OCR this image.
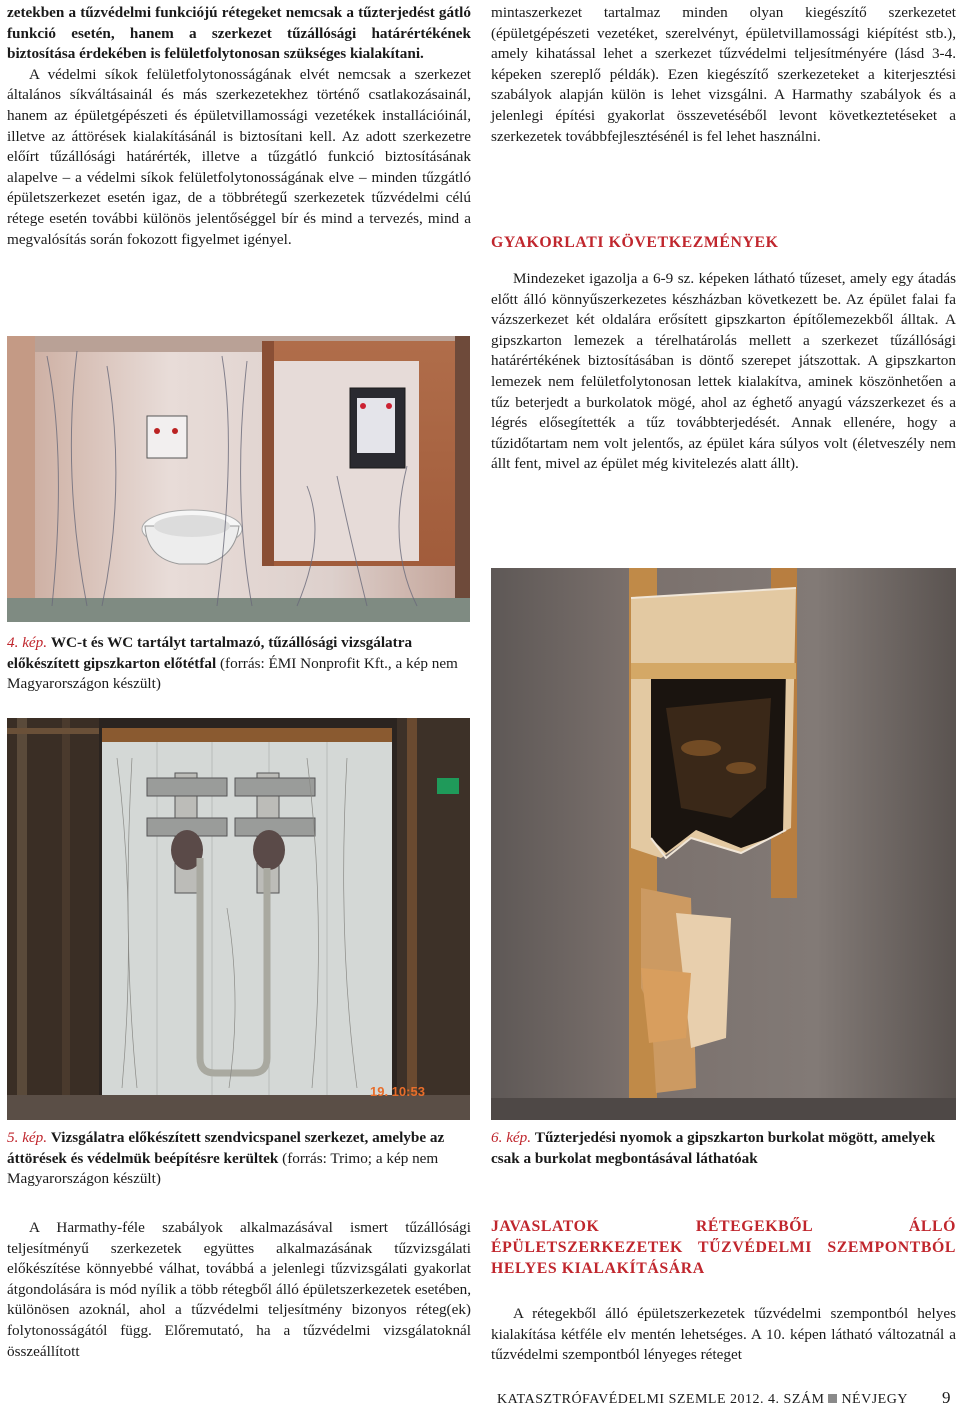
zetekben a tűzvédelmi funkciójú rétegeket nemcsak a tűzterjedést gátló funkció esetén, hanem a szerkezet tűzállósági határértékének biztosítása érdekében is felületfolytonosan szükséges kialakítani.

A védelmi síkok felületfolytonosságának elvét nemcsak a szerkezet általános síkváltásainál és más szerkezetekhez történő csatlakozásainál, hanem az épületgépészeti és épületvillamossági vezetékek installációinál, illetve az áttörések kialakításánál is biztosítani kell. Az adott szerkezetre előírt tűzállósági határérték, illetve a tűzgátló funkció biztosításának alapelve – a védelmi síkok felületfolytonosságának elve – minden tűzgátló épületszerkezet esetén igaz, de a többrétegű szerkezetek tűzvédelmi célú rétege esetén további különös jelentőséggel bír és mind a tervezés, mind a megvalósítás során fokozott figyelmet igényel.

4. kép. WC-t és WC tartályt tartalmazó, tűzállósági vizsgálatra előkészített gipszkarton előtétfal (forrás: ÉMI Nonprofit Kft., a kép nem Magyarországon készült)
19. 10:53
5. kép. Vizsgálatra előkészített szendvicspanel szerkezet, amelybe az áttörések és védelmük beépítésre kerültek (forrás: Trimo; a kép nem Magyarországon készült)
A Harmathy-féle szabályok alkalmazásával ismert tűzállósági teljesítményű szerkezetek együttes alkalmazásának tűzvizsgálati előkészítése könnyebbé válhat, továbbá a jelenlegi tűzvizsgálati gyakorlat átgondolására is mód nyílik a több rétegből álló épületszerkezetek esetében, különösen azoknál, ahol a tűzvédelmi teljesítmény bizonyos réteg(ek) folytonosságától függ. Előremutató, ha a tűzvédelmi vizsgálatoknál összeállított
mintaszerkezet tartalmaz minden olyan kiegészítő szerkezetet (épületgépészeti vezetéket, szerelvényt, épületvillamossági kiépítést stb.), amely kihatással lehet a szerkezet tűzvédelmi teljesítményére (lásd 3-4. képeken szereplő példák). Ezen kiegészítő szerkezeteket a kiterjesztési szabályok alapján külön is lehet vizsgálni. A Harmathy szabályok és a jelenlegi építési gyakorlat összevetéséből levont következtetéseket a szerkezetek továbbfejlesztésénél is fel lehet használni.
GYAKORLATI KÖVETKEZMÉNYEK
Mindezeket igazolja a 6-9 sz. képeken látható tűzeset, amely egy átadás előtt álló könnyűszerkezetes készházban következett be. Az épület falai fa vázszerkezet két oldalára erősített gipszkarton építőlemezekből álltak. A gipszkarton lemezek a térelhatárolás mellett a szerkezet tűzállósági határértékének biztosításában is döntő szerepet játszottak. A gipszkarton lemezek nem felületfolytonosan lettek kialakítva, aminek köszönhetően a tűz beterjedt a burkolatok mögé, ahol az éghető anyagú vázszerkezet és a légrés elősegítették a tűz továbbterjedését. Annak ellenére, hogy a tűzidőtartam nem volt jelentős, az épület kára súlyos volt (életveszély nem állt fent, mivel az épület még kivitelezés alatt állt).
6. kép. Tűzterjedési nyomok a gipszkarton burkolat mögött, amelyek csak a burkolat megbontásával láthatóak
JAVASLATOK RÉTEGEKBŐL ÁLLÓ ÉPÜLETSZERKEZETEK TŰZVÉDELMI SZEMPONTBÓL HELYES KIALAKÍTÁSÁRA
A rétegekből álló épületszerkezetek tűzvédelmi szempontból helyes kialakítása kétféle elv mentén lehetséges. A 10. képen látható változatnál a tűzvédelmi szempontból lényeges réteget
KATASZTRÓFAVÉDELMI SZEMLE 2012. 4. SZÁM NÉVJEGY 9
